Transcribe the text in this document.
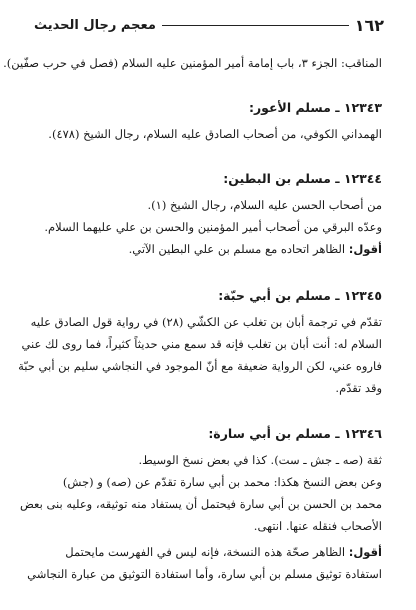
١٦٢
معجم رجال الحديث
المناقب: الجزء ٣، باب إمامة أمير المؤمنين عليه السلام (فصل في حرب صفّين).
١٢٣٤٣ ـ مسلم الأعور:
الهمداني الكوفي، من أصحاب الصادق عليه السلام، رجال الشيخ (٤٧٨).
١٢٣٤٤ ـ مسلم بن البطين:
من أصحاب الحسن عليه السلام، رجال الشيخ (١).
وعدّه البرقي من أصحاب أمير المؤمنين والحسن بن علي عليهما السلام.
أقول: الظاهر اتحاده مع مسلم بن علي البطين الآتي.
١٢٣٤٥ ـ مسلم بن أبي حبّة:
تقدّم في ترجمة أبان بن تغلب عن الكشّي (٢٨) في رواية قول الصادق عليه
السلام له: أنت أبان بن تغلب فإنه قد سمع مني حديثاً كثيراً، فما روى لك عني
فاروه عني، لكن الرواية ضعيفة مع أنّ الموجود في النجاشي سليم بن أبي حبّة
وقد تقدّم.
١٢٣٤٦ ـ مسلم بن أبي سارة:
ثقة (صه ـ جش ـ ست). كذا في بعض نسخ الوسيط.
وعن بعض النسخ هكذا: محمد بن أبي سارة تقدّم عن (صه) و (جش)
محمد بن الحسن بن أبي سارة فيحتمل أن يستفاد منه توثيقه، وعليه بنى بعض
الأصحاب فنقله عنها. انتهى.
أقول: الظاهر صحّة هذه النسخة، فإنه ليس في الفهرست مايحتمل
استفادة توثيق مسلم بن أبي سارة، وأما استفادة التوثيق من عبارة النجاشي
